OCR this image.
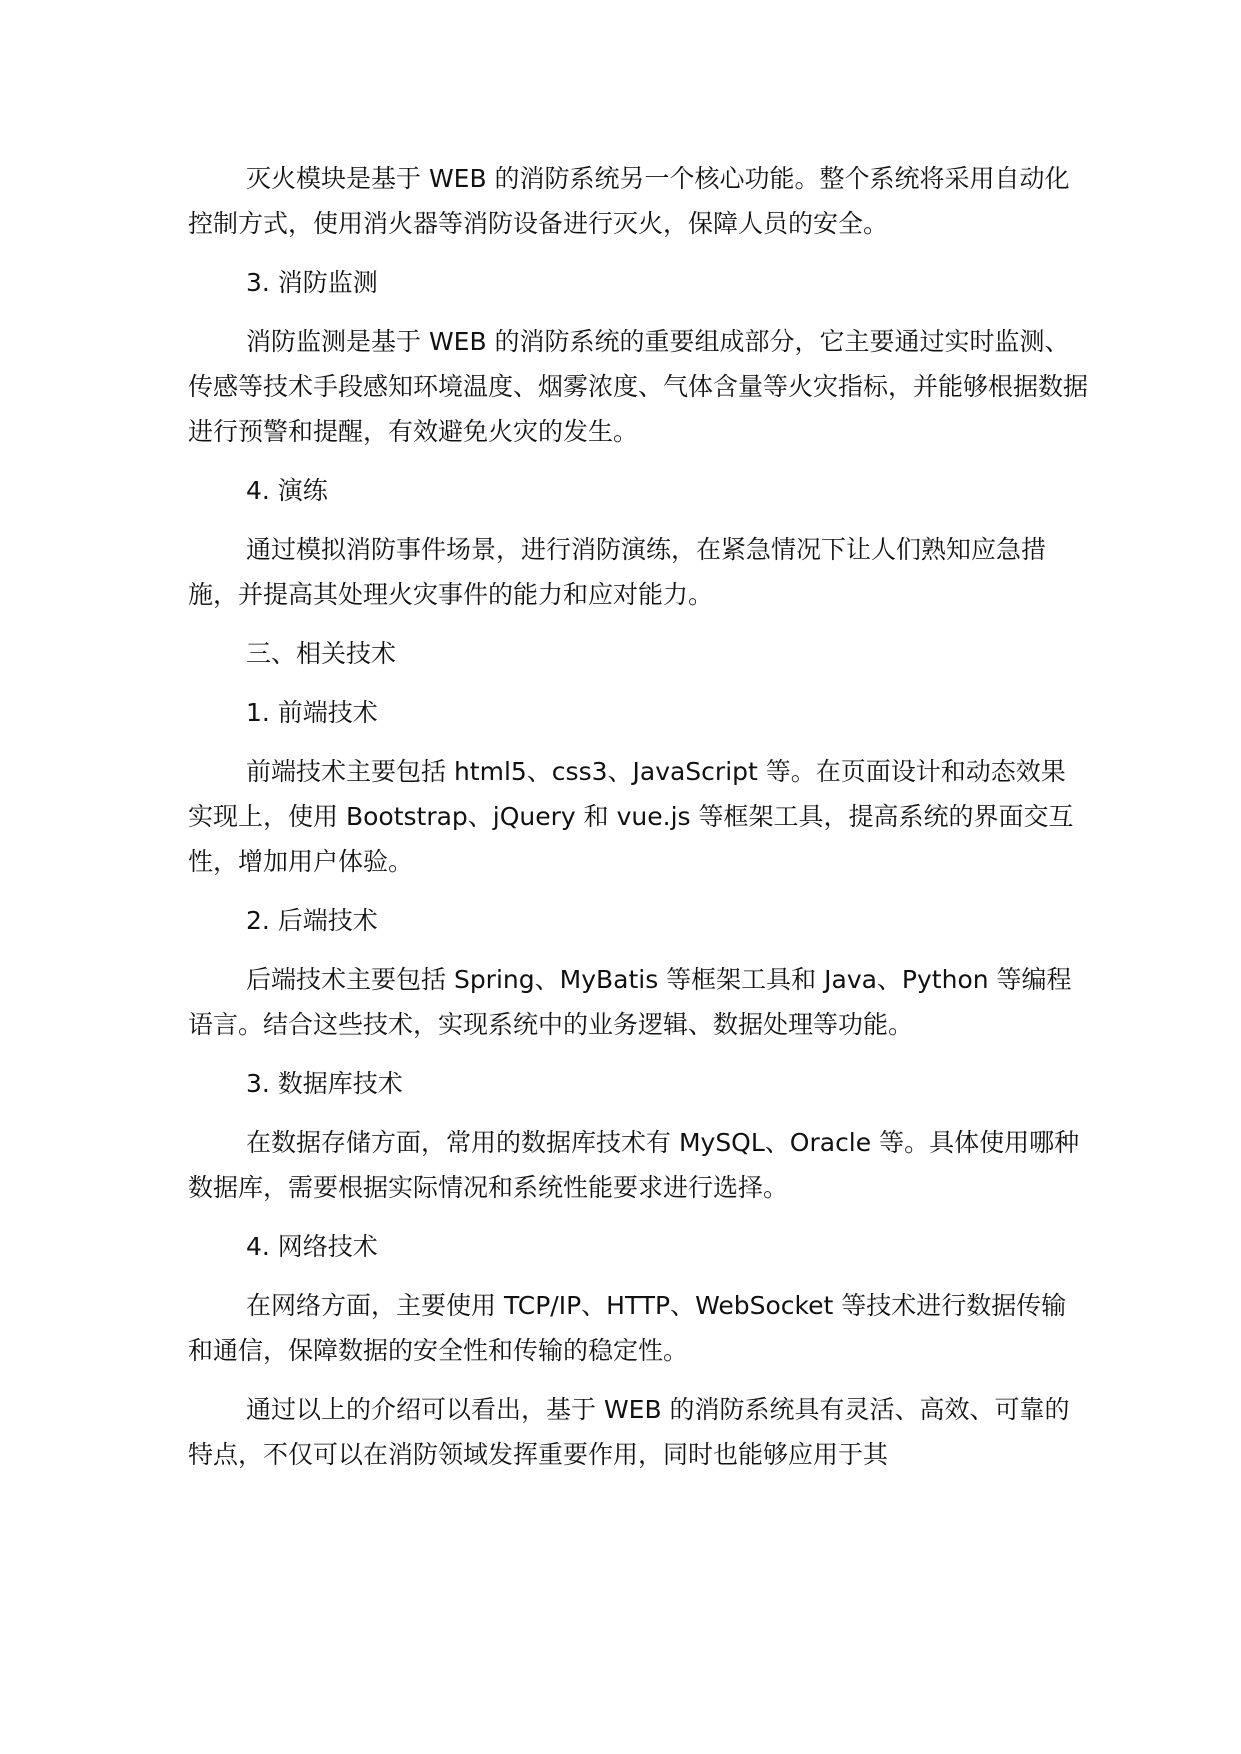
灭火模块是基于 WEB 的消防系统另一个核心功能。整个系统将采用自动化控制方式，使用消火器等消防设备进行灭火，保障人员的安全。

3. 消防监测

消防监测是基于 WEB 的消防系统的重要组成部分，它主要通过实时监测、传感等技术手段感知环境温度、烟雾浓度、气体含量等火灾指标，并能够根据数据进行预警和提醒，有效避免火灾的发生。

4. 演练

通过模拟消防事件场景，进行消防演练，在紧急情况下让人们熟知应急措施，并提高其处理火灾事件的能力和应对能力。

三、相关技术

1. 前端技术

前端技术主要包括 html5、css3、JavaScript 等。在页面设计和动态效果实现上，使用 Bootstrap、jQuery 和 vue.js 等框架工具，提高系统的界面交互性，增加用户体验。

2. 后端技术

后端技术主要包括 Spring、MyBatis 等框架工具和 Java、Python 等编程语言。结合这些技术，实现系统中的业务逻辑、数据处理等功能。

3. 数据库技术

在数据存储方面，常用的数据库技术有 MySQL、Oracle 等。具体使用哪种数据库，需要根据实际情况和系统性能要求进行选择。

4. 网络技术

在网络方面，主要使用 TCP/IP、HTTP、WebSocket 等技术进行数据传输和通信，保障数据的安全性和传输的稳定性。

通过以上的介绍可以看出，基于 WEB 的消防系统具有灵活、高效、可靠的特点，不仅可以在消防领域发挥重要作用，同时也能够应用于其
